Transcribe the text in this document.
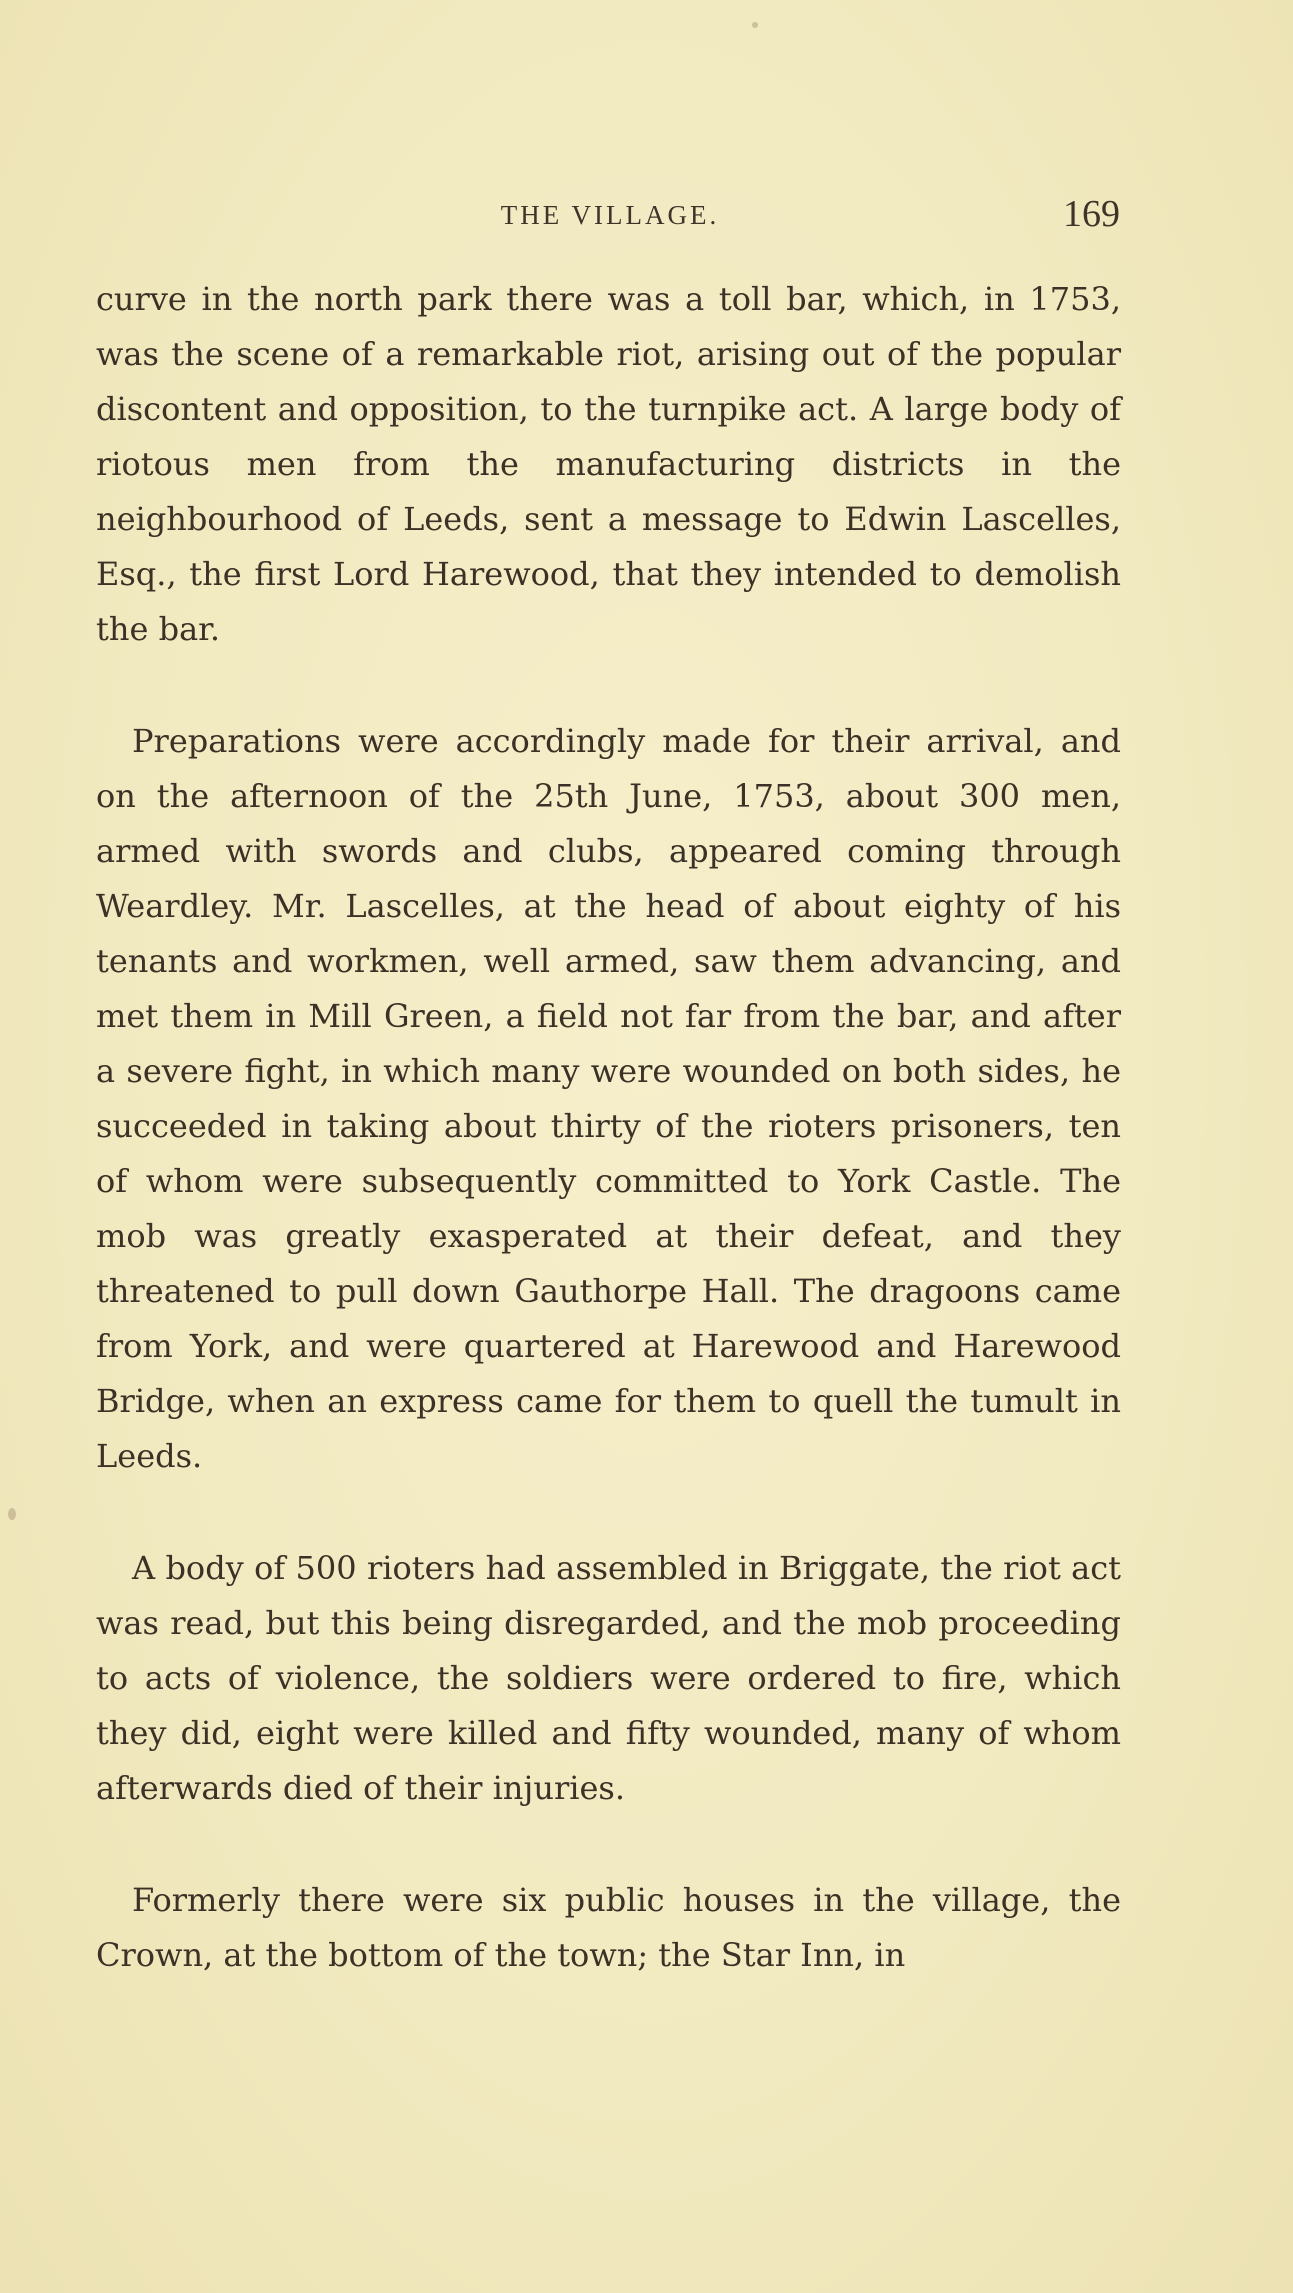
THE VILLAGE.	169

curve in the north park there was a toll bar, which, in 1753, was the scene of a remarkable riot, arising out of the popular discontent and opposition, to the turnpike act. A large body of riotous men from the manufacturing districts in the neighbourhood of Leeds, sent a message to Edwin Lascelles, Esq., the first Lord Harewood, that they intended to demolish the bar.

Preparations were accordingly made for their arrival, and on the afternoon of the 25th June, 1753, about 300 men, armed with swords and clubs, appeared coming through Weardley. Mr. Lascelles, at the head of about eighty of his tenants and workmen, well armed, saw them advancing, and met them in Mill Green, a field not far from the bar, and after a severe fight, in which many were wounded on both sides, he succeeded in taking about thirty of the rioters prisoners, ten of whom were subsequently committed to York Castle. The mob was greatly exasperated at their defeat, and they threatened to pull down Gauthorpe Hall. The dragoons came from York, and were quartered at Harewood and Harewood Bridge, when an express came for them to quell the tumult in Leeds.

A body of 500 rioters had assembled in Briggate, the riot act was read, but this being disregarded, and the mob proceeding to acts of violence, the soldiers were ordered to fire, which they did, eight were killed and fifty wounded, many of whom afterwards died of their injuries.

Formerly there were six public houses in the village, the Crown, at the bottom of the town; the Star Inn, in
